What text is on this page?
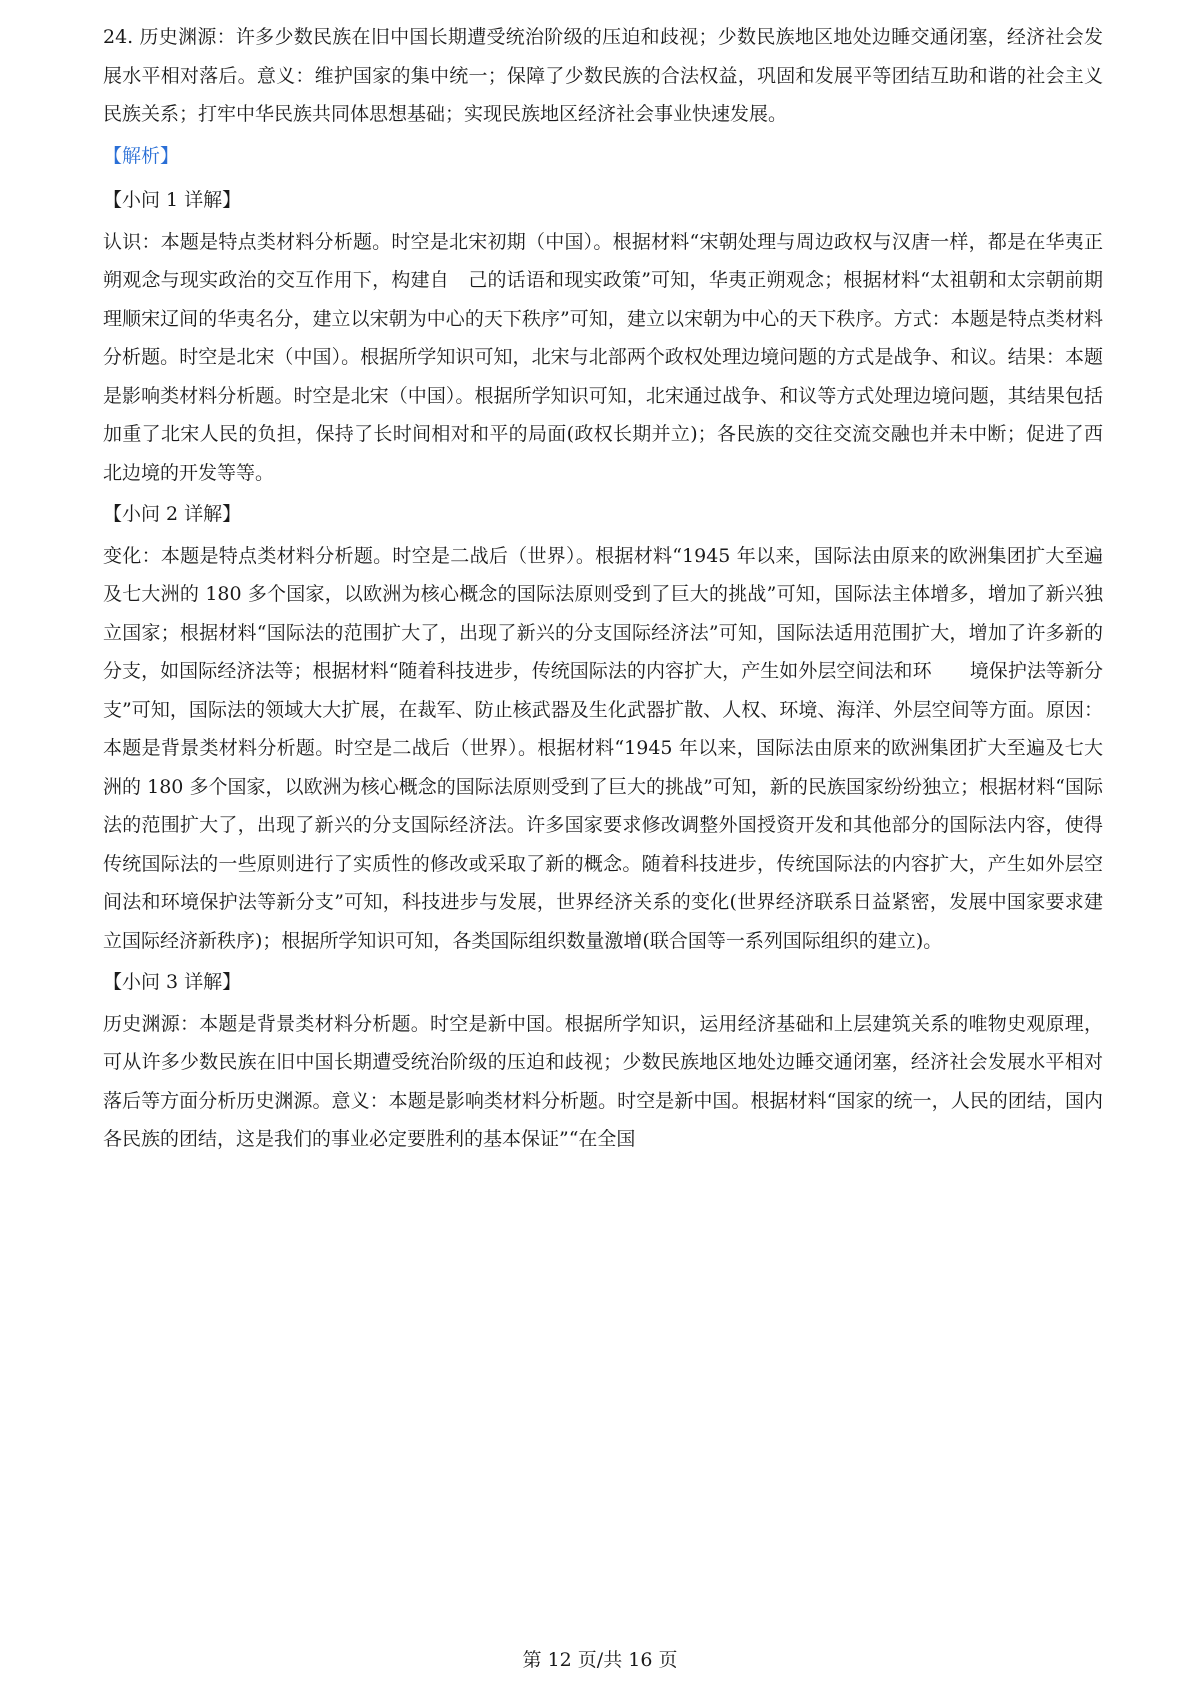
24. 历史渊源：许多少数民族在旧中国长期遭受统治阶级的压迫和歧视；少数民族地区地处边睡交通闭塞，经济社会发展水平相对落后。意义：维护国家的集中统一；保障了少数民族的合法权益，巩固和发展平等团结互助和谐的社会主义民族关系；打牢中华民族共同体思想基础；实现民族地区经济社会事业快速发展。

【解析】

【小问 1 详解】

认识：本题是特点类材料分析题。时空是北宋初期（中国）。根据材料“宋朝处理与周边政权与汉唐一样，都是在华夷正朔观念与现实政治的交互作用下，构建自　己的话语和现实政策”可知，华夷正朔观念；根据材料“太祖朝和太宗朝前期理顺宋辽间的华夷名分，建立以宋朝为中心的天下秩序”可知，建立以宋朝为中心的天下秩序。方式：本题是特点类材料分析题。时空是北宋（中国）。根据所学知识可知，北宋与北部两个政权处理边境问题的方式是战争、和议。结果：本题是影响类材料分析题。时空是北宋（中国）。根据所学知识可知，北宋通过战争、和议等方式处理边境问题，其结果包括加重了北宋人民的负担，保持了长时间相对和平的局面(政权长期并立)；各民族的交往交流交融也并未中断；促进了西北边境的开发等等。

【小问 2 详解】

变化：本题是特点类材料分析题。时空是二战后（世界）。根据材料“1945 年以来，国际法由原来的欧洲集团扩大至遍及七大洲的 180 多个国家，以欧洲为核心概念的国际法原则受到了巨大的挑战”可知，国际法主体增多，增加了新兴独立国家；根据材料“国际法的范围扩大了，出现了新兴的分支国际经济法”可知，国际法适用范围扩大，增加了许多新的分支，如国际经济法等；根据材料“随着科技进步，传统国际法的内容扩大，产生如外层空间法和环　　境保护法等新分支”可知，国际法的领域大大扩展，在裁军、防止核武器及生化武器扩散、人权、环境、海洋、外层空间等方面。原因：本题是背景类材料分析题。时空是二战后（世界）。根据材料“1945 年以来，国际法由原来的欧洲集团扩大至遍及七大洲的 180 多个国家，以欧洲为核心概念的国际法原则受到了巨大的挑战”可知，新的民族国家纷纷独立；根据材料“国际法的范围扩大了，出现了新兴的分支国际经济法。许多国家要求修改调整外国授资开发和其他部分的国际法内容，使得传统国际法的一些原则进行了实质性的修改或采取了新的概念。随着科技进步，传统国际法的内容扩大，产生如外层空间法和环境保护法等新分支”可知，科技进步与发展，世界经济关系的变化(世界经济联系日益紧密，发展中国家要求建立国际经济新秩序)；根据所学知识可知，各类国际组织数量激增(联合国等一系列国际组织的建立)。

【小问 3 详解】

历史渊源：本题是背景类材料分析题。时空是新中国。根据所学知识，运用经济基础和上层建筑关系的唯物史观原理，可从许多少数民族在旧中国长期遭受统治阶级的压迫和歧视；少数民族地区地处边睡交通闭塞，经济社会发展水平相对落后等方面分析历史渊源。意义：本题是影响类材料分析题。时空是新中国。根据材料“国家的统一，人民的团结，国内各民族的团结，这是我们的事业必定要胜利的基本保证”“在全国

第 12 页/共 16 页
